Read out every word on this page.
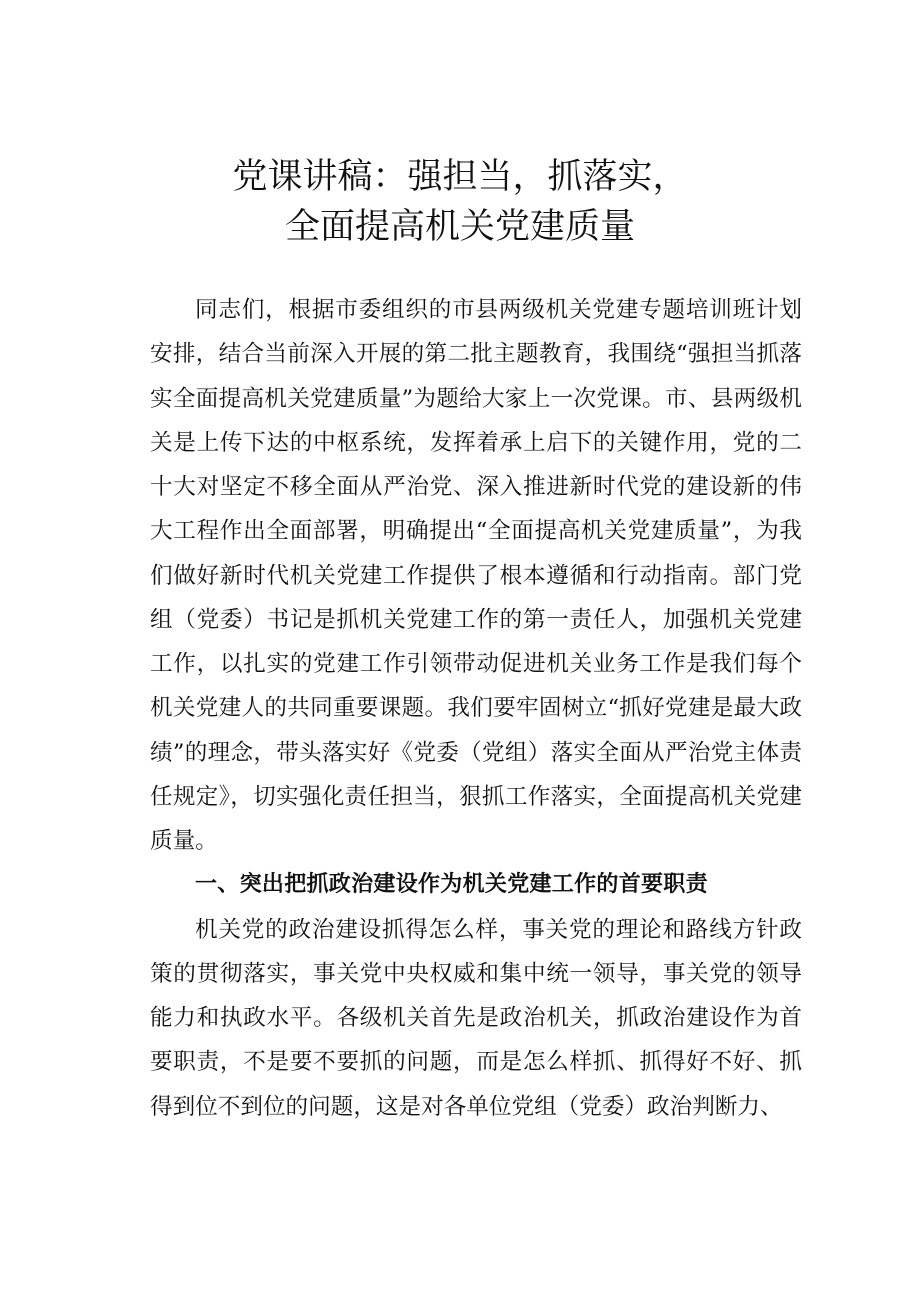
党课讲稿：强担当，抓落实，
全面提高机关党建质量

同志们，根据市委组织的市县两级机关党建专题培训班计划安排，结合当前深入开展的第二批主题教育，我围绕“强担当抓落实全面提高机关党建质量”为题给大家上一次党课。市、县两级机关是上传下达的中枢系统，发挥着承上启下的关键作用，党的二十大对坚定不移全面从严治党、深入推进新时代党的建设新的伟大工程作出全面部署，明确提出“全面提高机关党建质量”，为我们做好新时代机关党建工作提供了根本遵循和行动指南。部门党组（党委）书记是抓机关党建工作的第一责任人，加强机关党建工作，以扎实的党建工作引领带动促进机关业务工作是我们每个机关党建人的共同重要课题。我们要牢固树立“抓好党建是最大政绩”的理念，带头落实好《党委（党组）落实全面从严治党主体责任规定》，切实强化责任担当，狠抓工作落实，全面提高机关党建质量。

一、突出把抓政治建设作为机关党建工作的首要职责

机关党的政治建设抓得怎么样，事关党的理论和路线方针政策的贯彻落实，事关党中央权威和集中统一领导，事关党的领导能力和执政水平。各级机关首先是政治机关，抓政治建设作为首要职责，不是要不要抓的问题，而是怎么样抓、抓得好不好、抓得到位不到位的问题，这是对各单位党组（党委）政治判断力、
